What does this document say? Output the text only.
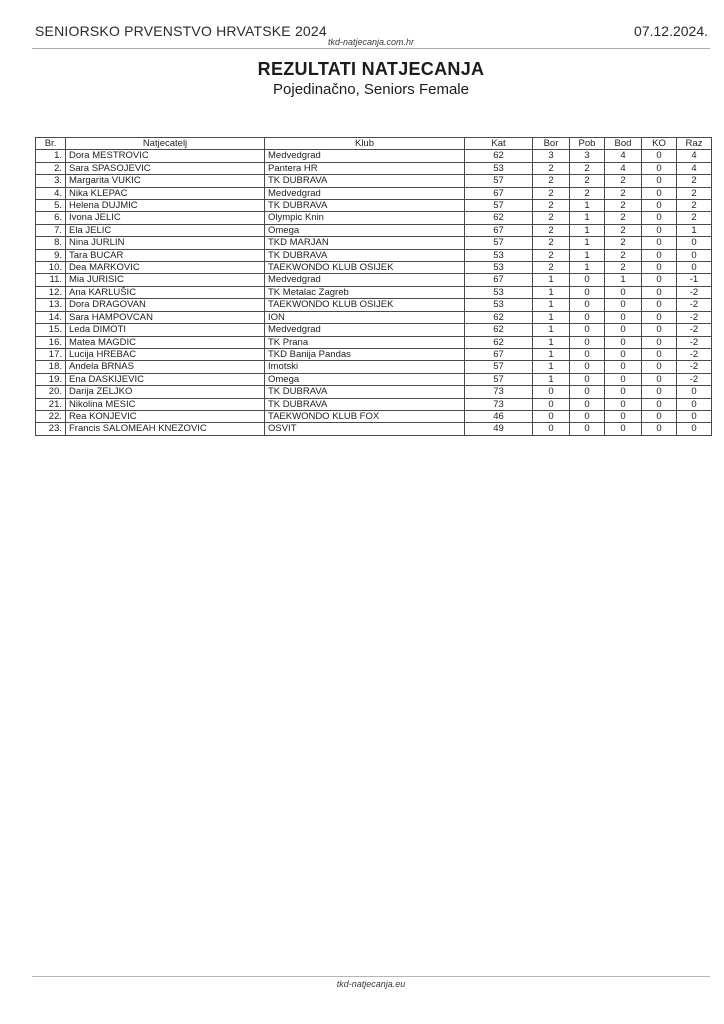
SENIORSKO PRVENSTVO HRVATSKE 2024	07.12.2024.
tkd-natjecanja.com.hr
REZULTATI NATJECANJA
Pojedinačno, Seniors Female
Br.	Natjecatelj	Klub	Kat	Bor	Pob	Bod	KO	Raz
1.	Dora MESTROVIC	Medvedgrad	62	3	3	4	0	4
2.	Sara SPASOJEVIC	Pantera HR	53	2	2	4	0	4
3.	Margarita VUKIC	TK DUBRAVA	57	2	2	2	0	2
4.	Nika KLEPAC	Medvedgrad	67	2	2	2	0	2
5.	Helena DUJMIC	TK DUBRAVA	57	2	1	2	0	2
6.	Ivona JELIC	Olympic Knin	62	2	1	2	0	2
7.	Ela JELIC	Omega	67	2	1	2	0	1
8.	Nina JURLIN	TKD MARJAN	57	2	1	2	0	0
9.	Tara BUCAR	TK DUBRAVA	53	2	1	2	0	0
10.	Dea MARKOVIC	TAEKWONDO KLUB OSIJEK	53	2	1	2	0	0
11.	Mia JURISIC	Medvedgrad	67	1	0	1	0	-1
12.	Ana KARLUŠIC	TK Metalac Zagreb	53	1	0	0	0	-2
13.	Dora DRAGOVAN	TAEKWONDO KLUB OSIJEK	53	1	0	0	0	-2
14.	Sara HAMPOVCAN	ION	62	1	0	0	0	-2
15.	Leda DIMOTI	Medvedgrad	62	1	0	0	0	-2
16.	Matea MAGDIC	TK Prana	62	1	0	0	0	-2
17.	Lucija HREBAC	TKD Banija Pandas	67	1	0	0	0	-2
18.	Andela BRNAS	Imotski	57	1	0	0	0	-2
19.	Ena DASKIJEVIC	Omega	57	1	0	0	0	-2
20.	Darija ZELJKO	TK DUBRAVA	73	0	0	0	0	0
21.	Nikolina MESIC	TK DUBRAVA	73	0	0	0	0	0
22.	Rea KONJEVIC	TAEKWONDO KLUB FOX	46	0	0	0	0	0
23.	Francis SALOMEAH KNEZOVIC	OSVIT	49	0	0	0	0	0
tkd-natjecanja.eu
